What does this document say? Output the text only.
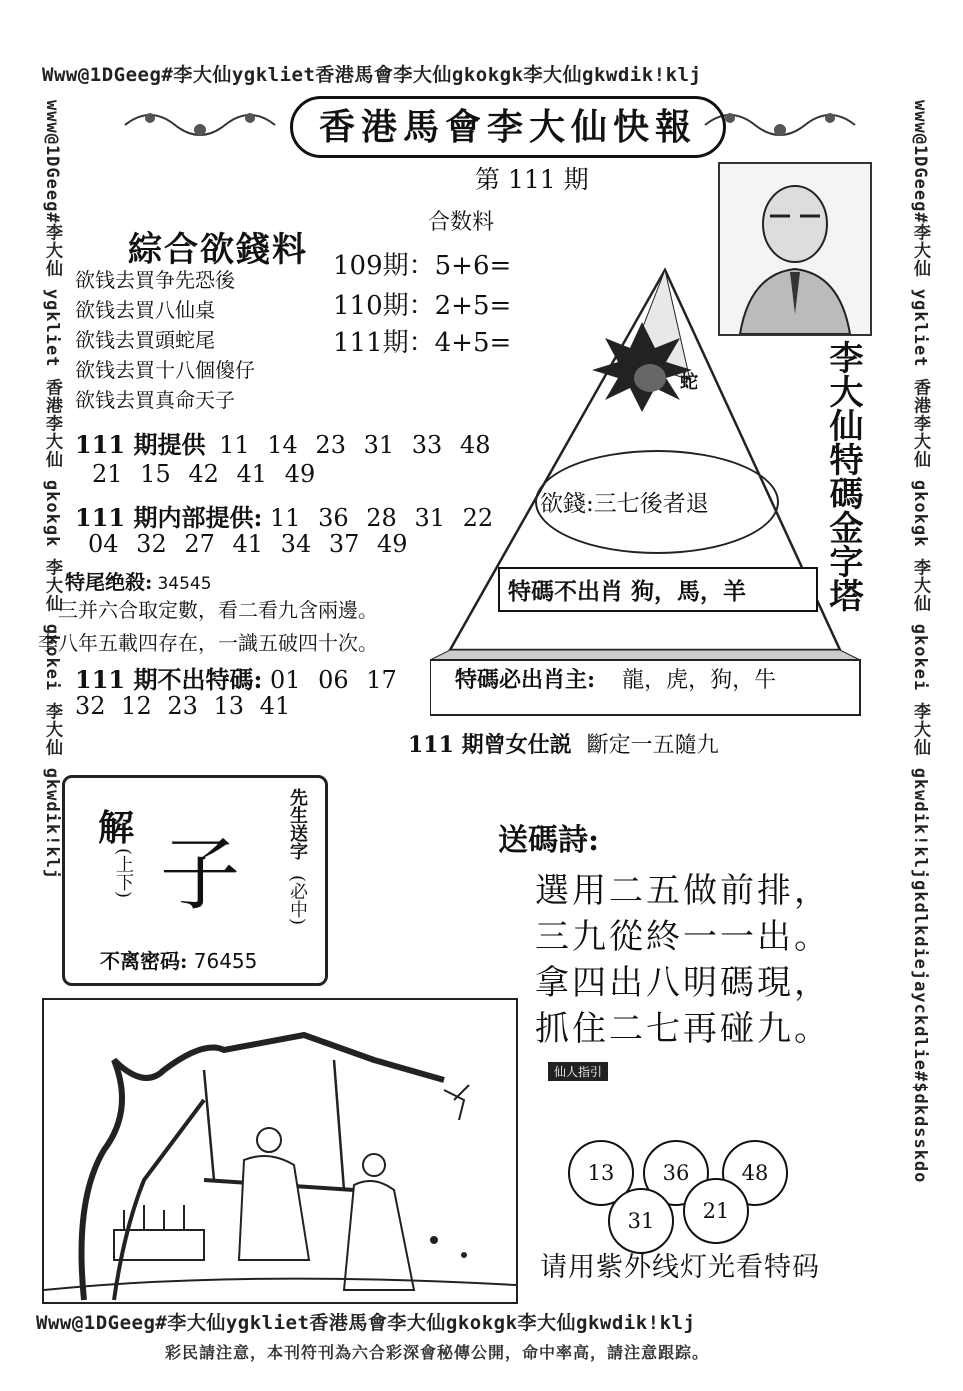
Www@1DGeeg#李大仙ygkliet香港馬會李大仙gkokgk李大仙gkwdik!klj
Www@1DGeeg#李大仙ygkliet香港馬會李大仙gkokgk李大仙gkwdik!klj
www@1DGeeg#李大仙 ygkliet 香港李大仙 gkokgk 李大仙 gkokei 李大仙 gkwdik!klj	www@1DGeeg#李大仙 ygkliet 香港李大仙 gkokgk 李大仙 gkokei 李大仙 gkwdik!kljgkdlkdiejayckdlie#$dkdsskdo
香港馬會李大仙快報
第 111 期
合数料
109期：5+6=
110期：2+5=
111期：4+5=
綜合欲錢料
欲钱去買争先恐後
欲钱去買八仙桌
欲钱去買頭蛇尾
欲钱去買十八個傻仔
欲钱去買真命天子
111 期提供 11 14 23 31 33 48
21 15 42 41 49
111 期内部提供: 11 36 28 31 22
04 32 27 41 34 37 49
特尾绝殺: 34545
三并六合取定數，看二看九含兩邊。
李八年五載四存在，一識五破四十次。
111 期不出特碼: 01 06 17
32 12 23 13 41
蛇	李大仙特碼金字塔
欲錢:三七後者退
特碼不出肖 狗，馬，羊
特碼必出肖主: 龍，虎，狗，牛
111 期曾女仕説 斷定一五隨九
解
(上下) 子
先生送字
(必中)
不离密码: 76455
送碼詩:
選用二五做前排，
三九從終一一出。
拿四出八明碼現，
抓住二七再碰九。
仙人指引
13	36	48
31	21
请用紫外线灯光看特码
彩民請注意，本刊符刊為六合彩深會秘傳公開，命中率高，請注意跟踪。
